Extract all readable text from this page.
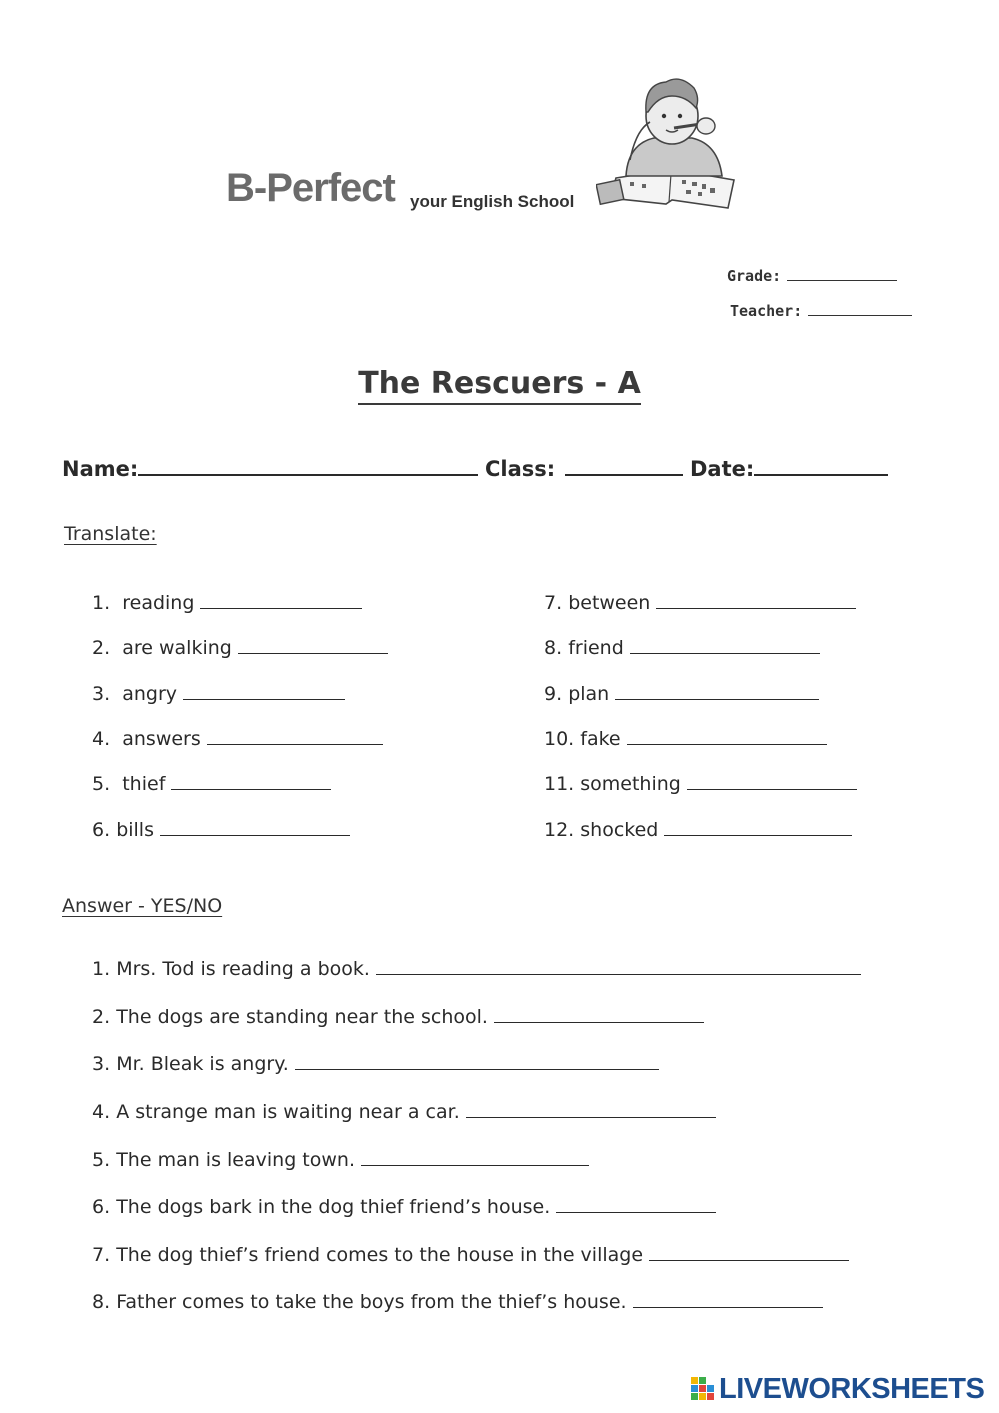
B-Perfect your English School
Grade:
Teacher:
The Rescuers - A
Name:	Class:	Date:
Translate:
1. reading
2. are walking
3. angry
4. answers
5. thief
6. bills
7. between
8. friend
9. plan
10. fake
11. something
12. shocked
Answer - YES/NO
1. Mrs. Tod is reading a book.
2. The dogs are standing near the school.
3. Mr. Bleak is angry.
4. A strange man is waiting near a car.
5. The man is leaving town.
6. The dogs bark in the dog thief friend’s house.
7. The dog thief’s friend comes to the house in the village
8. Father comes to take the boys from the thief’s house.
LIVEWORKSHEETS
